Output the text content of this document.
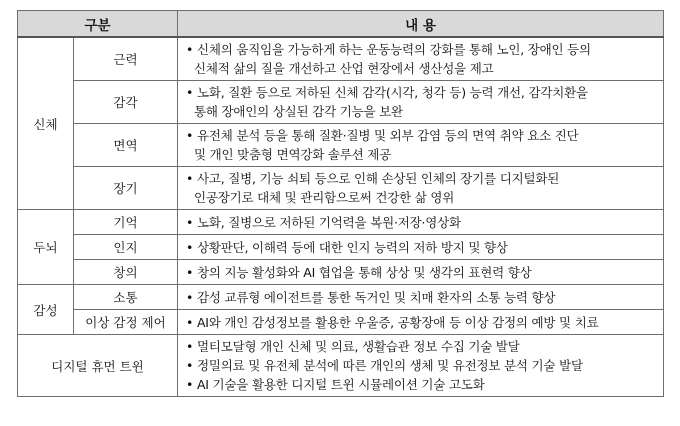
구분		내 용
신체	근력	• 신체의 움직임을 가능하게 하는 운동능력의 강화를 통해 노인, 장애인 등의
신체적 삶의 질을 개선하고 산업 현장에서 생산성을 제고

	감각	• 노화, 질환 등으로 저하된 신체 감각(시각, 청각 등) 능력 개선, 감각치환을
통해 장애인의 상실된 감각 기능을 보완

	면역	• 유전체 분석 등을 통해 질환·질병 및 외부 감염 등의 면역 취약 요소 진단
및 개인 맞춤형 면역강화 솔루션 제공

	장기	• 사고, 질병, 기능 쇠퇴 등으로 인해 손상된 인체의 장기를 디지털화된
인공장기로 대체 및 관리함으로써 건강한 삶 영위

두뇌	기억	• 노화, 질병으로 저하된 기억력을 복원·저장·영상화

	인지	• 상황판단, 이해력 등에 대한 인지 능력의 저하 방지 및 향상

	창의	• 창의 지능 활성화와 AI 협업을 통해 상상 및 생각의 표현력 향상

감성	소통	• 감성 교류형 에이전트를 통한 독거인 및 치매 환자의 소통 능력 향상

	이상 감정 제어	• AI와 개인 감성정보를 활용한 우울증, 공황장애 등 이상 감정의 예방 및 치료

디지털 휴먼 트윈		• 멀티모달형 개인 신체 및 의료, 생활습관 정보 수집 기술 발달
• 정밀의료 및 유전체 분석에 따른 개인의 생체 및 유전정보 분석 기술 발달
• AI 기술을 활용한 디지털 트윈 시뮬레이션 기술 고도화
